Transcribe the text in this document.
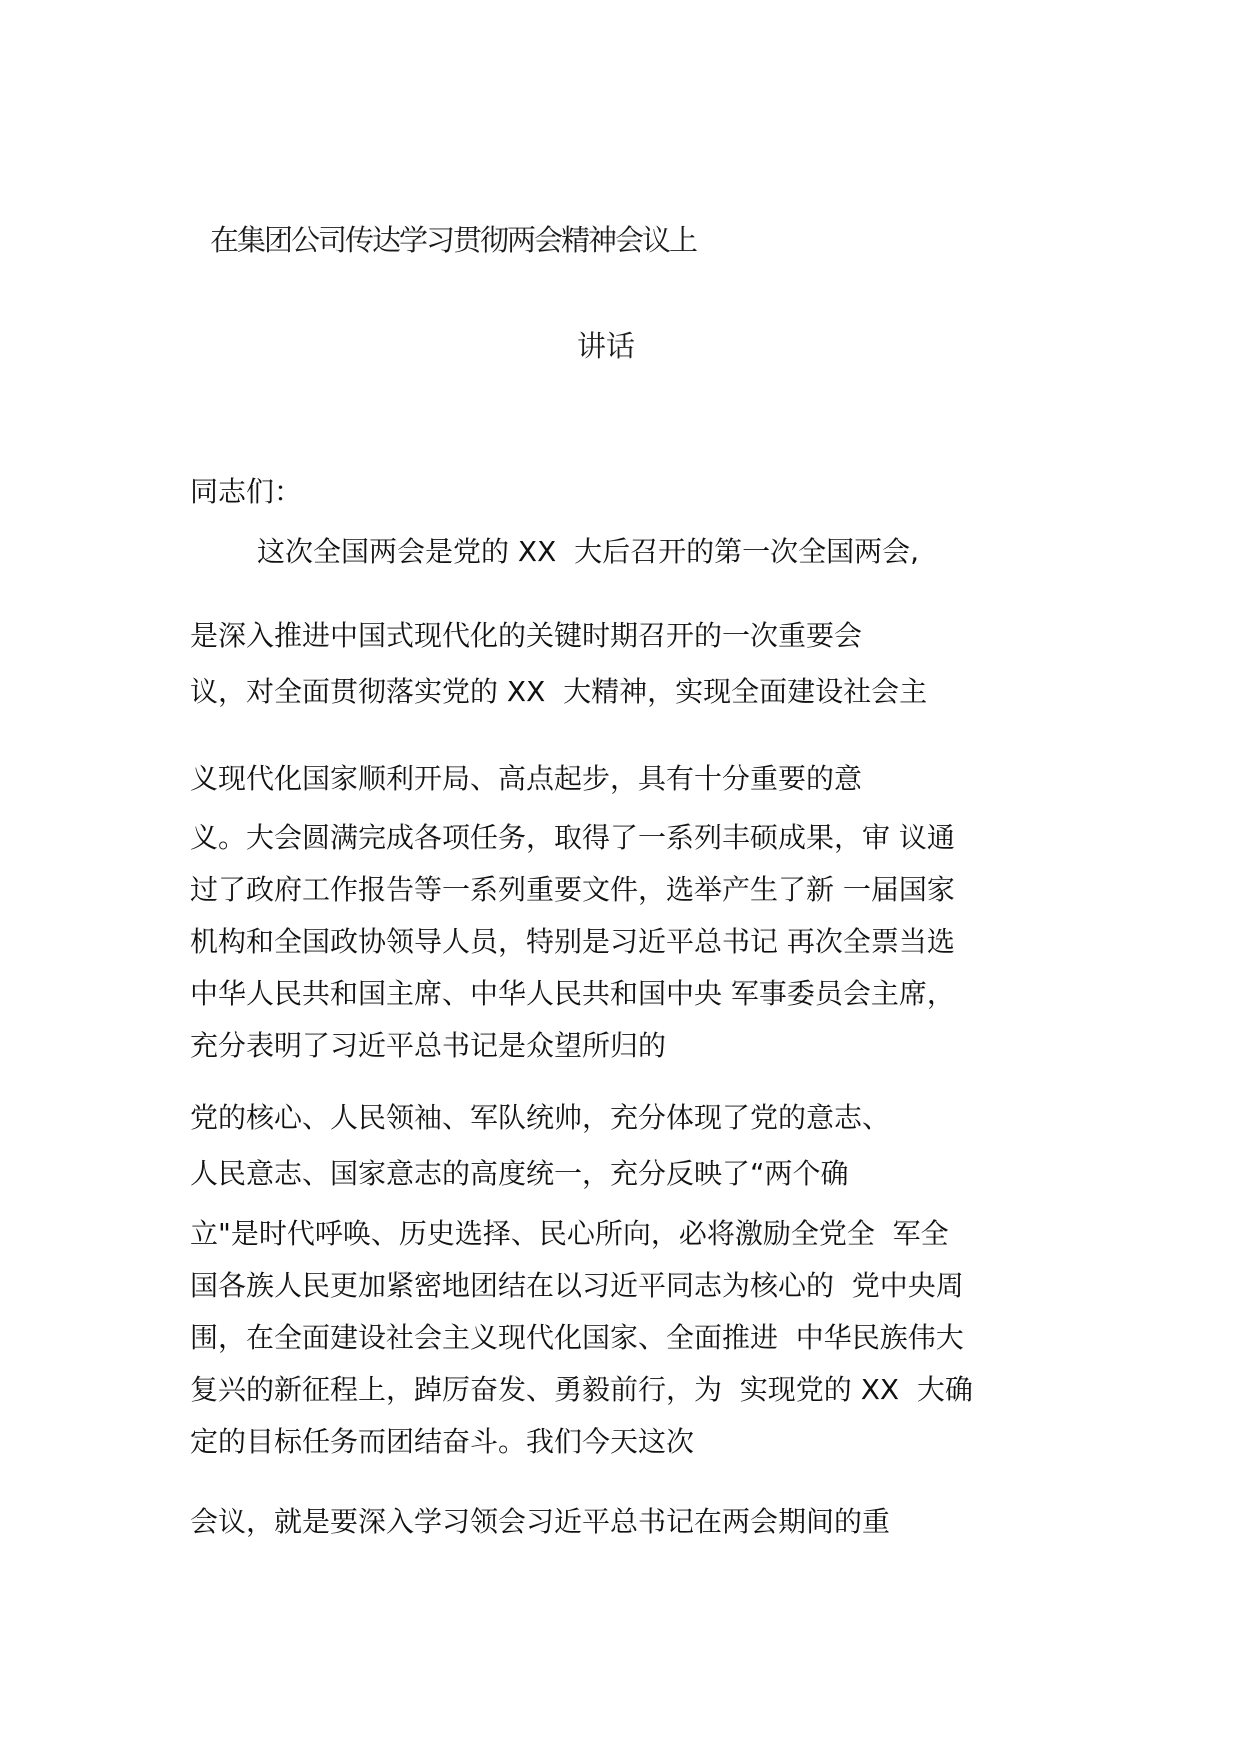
在集团公司传达学习贯彻两会精神会议上
讲话
同志们：
这次全国两会是党的 XX  大后召开的第一次全国两会,
是深入推进中国式现代化的关键时期召开的一次重要会
议，对全面贯彻落实党的 XX  大精神，实现全面建设社会主
义现代化国家顺利开局、高点起步，具有十分重要的意
义。大会圆满完成各项任务，取得了一系列丰硕成果，审 议通
过了政府工作报告等一系列重要文件，选举产生了新 一届国家
机构和全国政协领导人员，特别是习近平总书记 再次全票当选
中华人民共和国主席、中华人民共和国中央 军事委员会主席，
充分表明了习近平总书记是众望所归的
党的核心、人民领袖、军队统帅，充分体现了党的意志、
人民意志、国家意志的高度统一，充分反映了“两个确
立"是时代呼唤、历史选择、民心所向，必将激励全党全  军全
国各族人民更加紧密地团结在以习近平同志为核心的  党中央周
围，在全面建设社会主义现代化国家、全面推进  中华民族伟大
复兴的新征程上，踔厉奋发、勇毅前行，为  实现党的 XX  大确
定的目标任务而团结奋斗。我们今天这次
会议，就是要深入学习领会习近平总书记在两会期间的重
